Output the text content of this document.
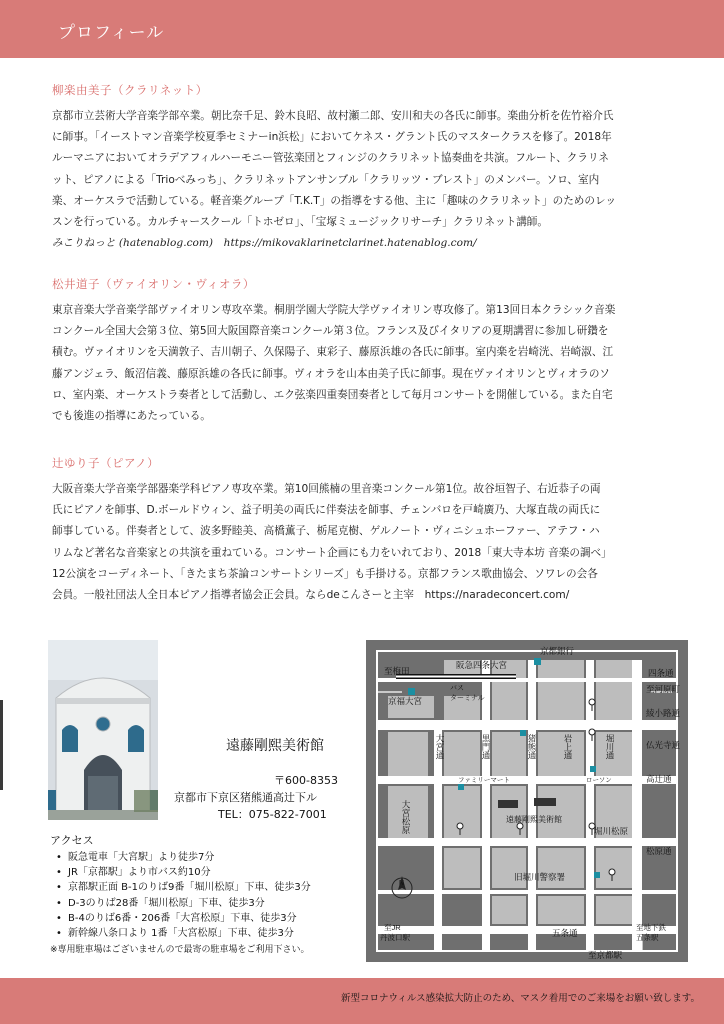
プロフィール
柳楽由美子（クラリネット）
京都市立芸術大学音楽学部卒業。朝比奈千足、鈴木良昭、故村瀬二郎、安川和夫の各氏に師事。楽曲分析を佐竹裕介氏
に師事。「イーストマン音楽学校夏季セミナーin浜松」においてケネス・グラント氏のマスタークラスを修了。2018年
ルーマニアにおいてオラデアフィルハーモニー管弦楽団とフィンジのクラリネット協奏曲を共演。フルート、クラリネ
ット、ピアノによる「Trioべみっち」、クラリネットアンサンブル「クラリッツ・ブレスト」のメンバー。ソロ、室内
楽、オーケスラで活動している。軽音楽グループ「T.K.T」の指導をする他、主に「趣味のクラリネット」のためのレッ
スンを行っている。カルチャースクール「トホゼロ」、「宝塚ミュージックリサーチ」クラリネット講師。
みこりねっと (hatenablog.com)　https://mikovaklarinetclarinet.hatenablog.com/
松井道子（ヴァイオリン・ヴィオラ）
東京音楽大学音楽学部ヴァイオリン専攻卒業。桐朋学園大学院大学ヴァイオリン専攻修了。第13回日本クラシック音楽
コンクール全国大会第３位、第5回大阪国際音楽コンクール第３位。フランス及びイタリアの夏期講習に参加し研鑽を
積む。ヴァイオリンを天満敦子、吉川朝子、久保陽子、東彩子、藤原浜雄の各氏に師事。室内楽を岩崎洸、岩崎淑、江
藤アンジェラ、飯沼信義、藤原浜雄の各氏に師事。ヴィオラを山本由美子氏に師事。現在ヴァイオリンとヴィオラのソ
ロ、室内楽、オーケストラ奏者として活動し、エク弦楽四重奏団奏者として毎月コンサートを開催している。また自宅
でも後進の指導にあたっている。
辻ゆり子（ピアノ）
大阪音楽大学音楽学部器楽学科ピアノ専攻卒業。第10回熊楠の里音楽コンクール第1位。故谷垣智子、右近恭子の両
氏にピアノを師事、D.ボールドウィン、益子明美の両氏に伴奏法を師事、チェンバロを戸崎廣乃、大塚直哉の両氏に
師事している。伴奏者として、波多野睦美、高橋薫子、栃尾克樹、ゲルノート・ヴィニシュホーファー、アテフ・ハ
リムなど著名な音楽家との共演を重ねている。コンサート企画にも力をいれており、2018「東大寺本坊 音楽の調べ」
12公演をコーディネート、「きたまち茶論コンサートシリーズ」も手掛ける。京都フランス歌曲協会、ソワレの会各
会員。一般社団法人全日本ピアノ指導者協会正会員。ならdeこんさーと主宰　https://naradeconcert.com/
遠藤剛熙美術館
〒600-8353
京都市下京区猪熊通高辻下ル
TEL：075-822-7001
アクセス
• 阪急電車「大宮駅」より徒歩7分
• JR「京都駅」より市バス約10分
• 京都駅正面 B-1のりば9番「堀川松原」下車、徒歩3分
• D-3のりば28番「堀川松原」下車、徒歩3分
• B-4のりば6番・206番「大宮松原」下車、徒歩3分
• 新幹線八条口より 1番「大宮松原」下車、徒歩3分
※専用駐車場はございませんので最寄の駐車場をご利用下さい。
京都銀行
阪急四条大宮
四条通
至梅田
至河原町
バス
ターミナル
京福大宮
綾小路通
仏光寺通
ファミリーマート	ローソン	高辻通
遠藤剛熙美術館
堀川松原
松原通
旧堀川警察署
N
至JR
丹波口駅	五条通
至地下鉄
五条駅
至京都駅
大宮通	黒門通	猪熊通	岩上通	堀川通
大宮松原
新型コロナウィルス感染拡大防止のため、マスク着用でのご来場をお願い致します。
